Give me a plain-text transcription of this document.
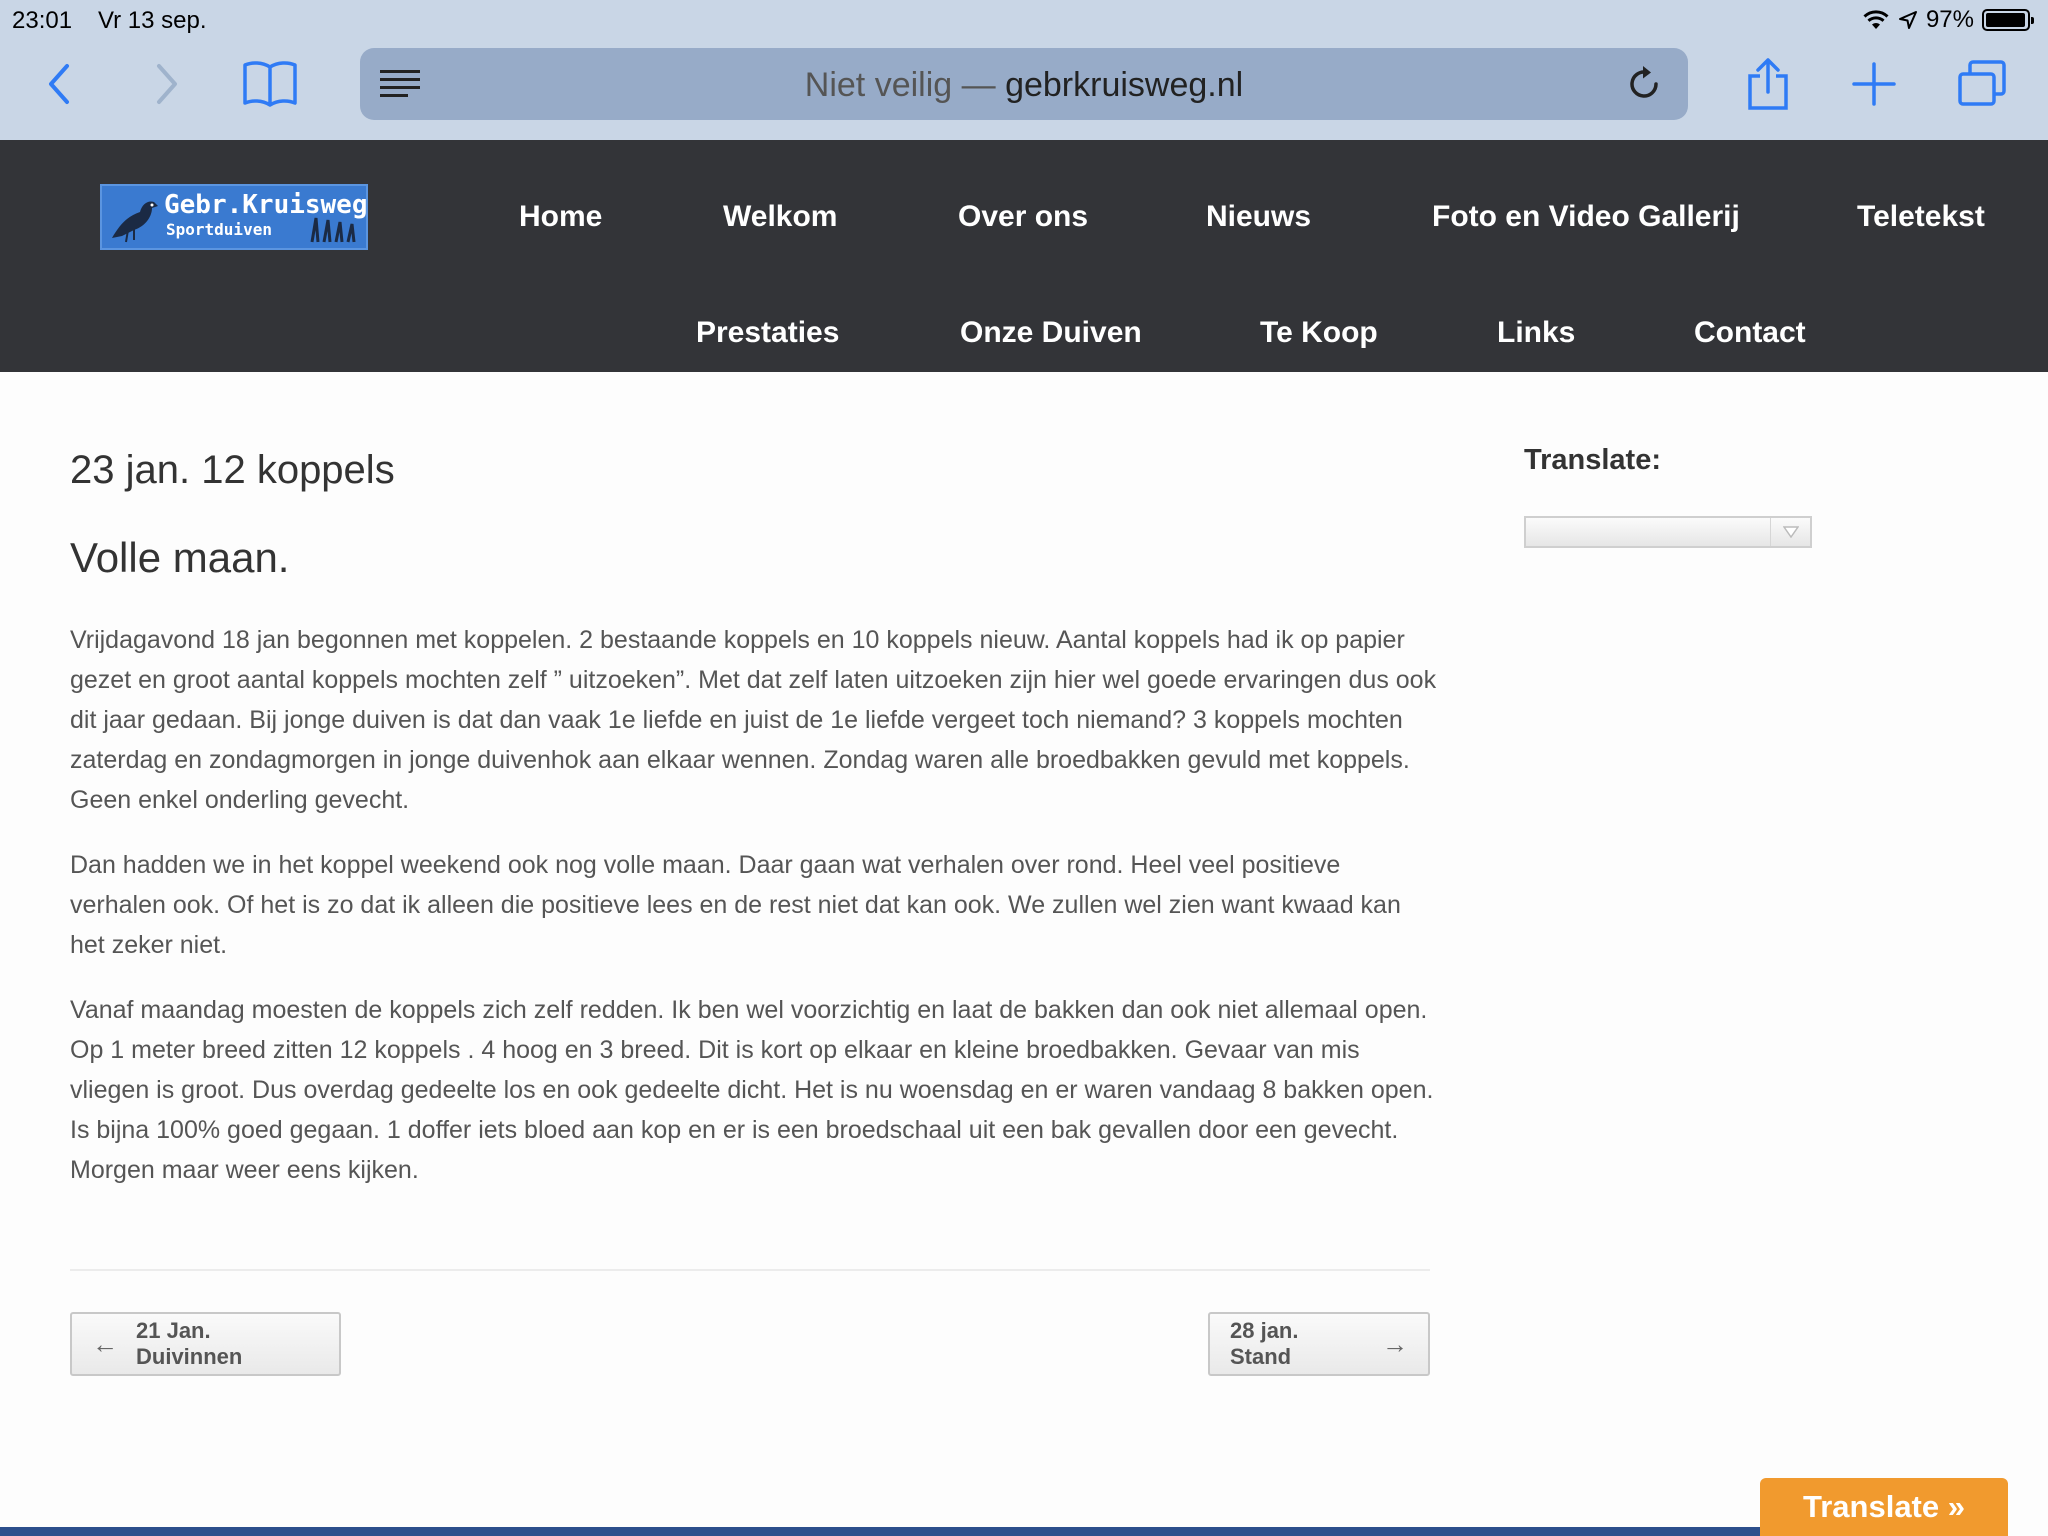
23:01 Vr 13 sep.	97%
Niet veilig — gebrkruisweg.nl
Gebr.Kruisweg
Sportduiven	Home	Welkom	Over ons	Nieuws	Foto en Video Gallerij	Teletekst
Prestaties	Onze Duiven	Te Koop	Links	Contact
23 jan. 12 koppels
Volle maan.

Vrijdagavond 18 jan begonnen met koppelen. 2 bestaande koppels en 10 koppels nieuw. Aantal koppels had ik op papier gezet en groot aantal koppels mochten zelf ” uitzoeken”. Met dat zelf laten uitzoeken zijn hier wel goede ervaringen dus ook dit jaar gedaan. Bij jonge duiven is dat dan vaak 1e liefde en juist de 1e liefde vergeet toch niemand? 3 koppels mochten zaterdag en zondagmorgen in jonge duivenhok aan elkaar wennen. Zondag waren alle broedbakken gevuld met koppels. Geen enkel onderling gevecht.

Dan hadden we in het koppel weekend ook nog volle maan. Daar gaan wat verhalen over rond. Heel veel positieve verhalen ook. Of het is zo dat ik alleen die positieve lees en de rest niet dat kan ook. We zullen wel zien want kwaad kan het zeker niet.

Vanaf maandag moesten de koppels zich zelf redden. Ik ben wel voorzichtig en laat de bakken dan ook niet allemaal open. Op 1 meter breed zitten 12 koppels . 4 hoog en 3 breed. Dit is kort op elkaar en kleine broedbakken. Gevaar van mis vliegen is groot. Dus overdag gedeelte los en ook gedeelte dicht. Het is nu woensdag en er waren vandaag 8 bakken open. Is bijna 100% goed gegaan. 1 doffer iets bloed aan kop en er is een broedschaal uit een bak gevallen door een gevecht. Morgen maar weer eens kijken.

← 21 Jan. Duivinnen
28 jan. Stand	→
Translate:
Translate »
